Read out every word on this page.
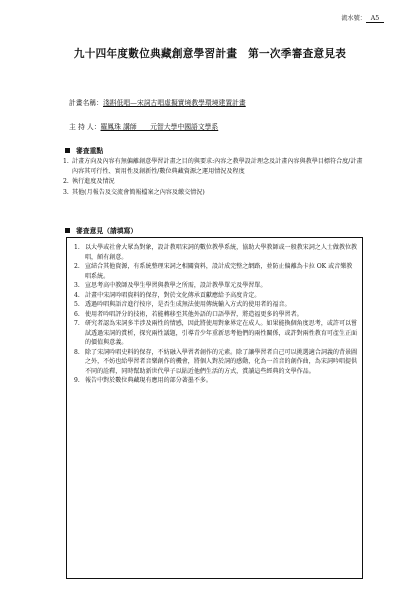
流水號： A5
九十四年度數位典藏創意學習計畫　第一次季審查意見表
計畫名稱：淺斟低唱—宋詞古唱虛擬實境教學環境建置計畫
主 持 人：羅鳳珠 講師　　元智大學中國語文學系
審查重點
1. 計畫方向及內容有無偏離創意學習計畫之目的與要求:內容之教學設計理念及計畫內容與教學目標符合度/計畫內容其可行性、實用性及創新性/數位典藏資源之運用情況及程度
2. 執行進度及情況
3. 其他(月報告及交流會簡報檔案之內容及繳交情況)
審查意見（請填寫）
1. 以大學或社會大眾為對象，設計教唱宋詞的數位教學系統，協助大學教師或一般教宋詞之人士做教位教唱，頗有創意。
2. 宣結合其他資源，有系統整理宋詞之相關資料，設計成完整之網路，並防止偏離為卡拉 OK 或音樂教唱系統。
3. 宣思考高中教師及學生學習與教學之所需，設計教學單元及學習單。
4. 計畫中宋詞吟唱資料的保存，對於文化傳承貢獻應給予高度肯定。
5. 透過吟唱與語音進行按序，是否生成無法使用傳統輸入方式的使用者的福音。
6. 使用者吟唱評分的技術，若能轉移至其他外語的口語學習，將造福更多的學習者。
7. 研究者認為宋詞多半涉及兩性的情感，因此將使用對象界定在成人。如果能換個角度思考，或許可以嘗試透過宋詞的賞析，探究兩性議題，引導青少年重新思考他們的兩性關係，或許對兩性教育可產生正面的價值與意義。
8. 除了宋詞吟唱史料的保存，不妨融入學習者創作的元素。除了讓學習者自己可以挑選適合詞義的背景圖之外，不妨也給學習者音樂創作的機會，將個人對於詞的感動，化為一首音的創作曲，為宋詞吟唱提供不同的詮釋，同時幫助新世代學子以貼近他們生活的方式，賞讀這些經典的文學作品。
9. 報告中對於數位典藏現有應用的部分著墨不多。
